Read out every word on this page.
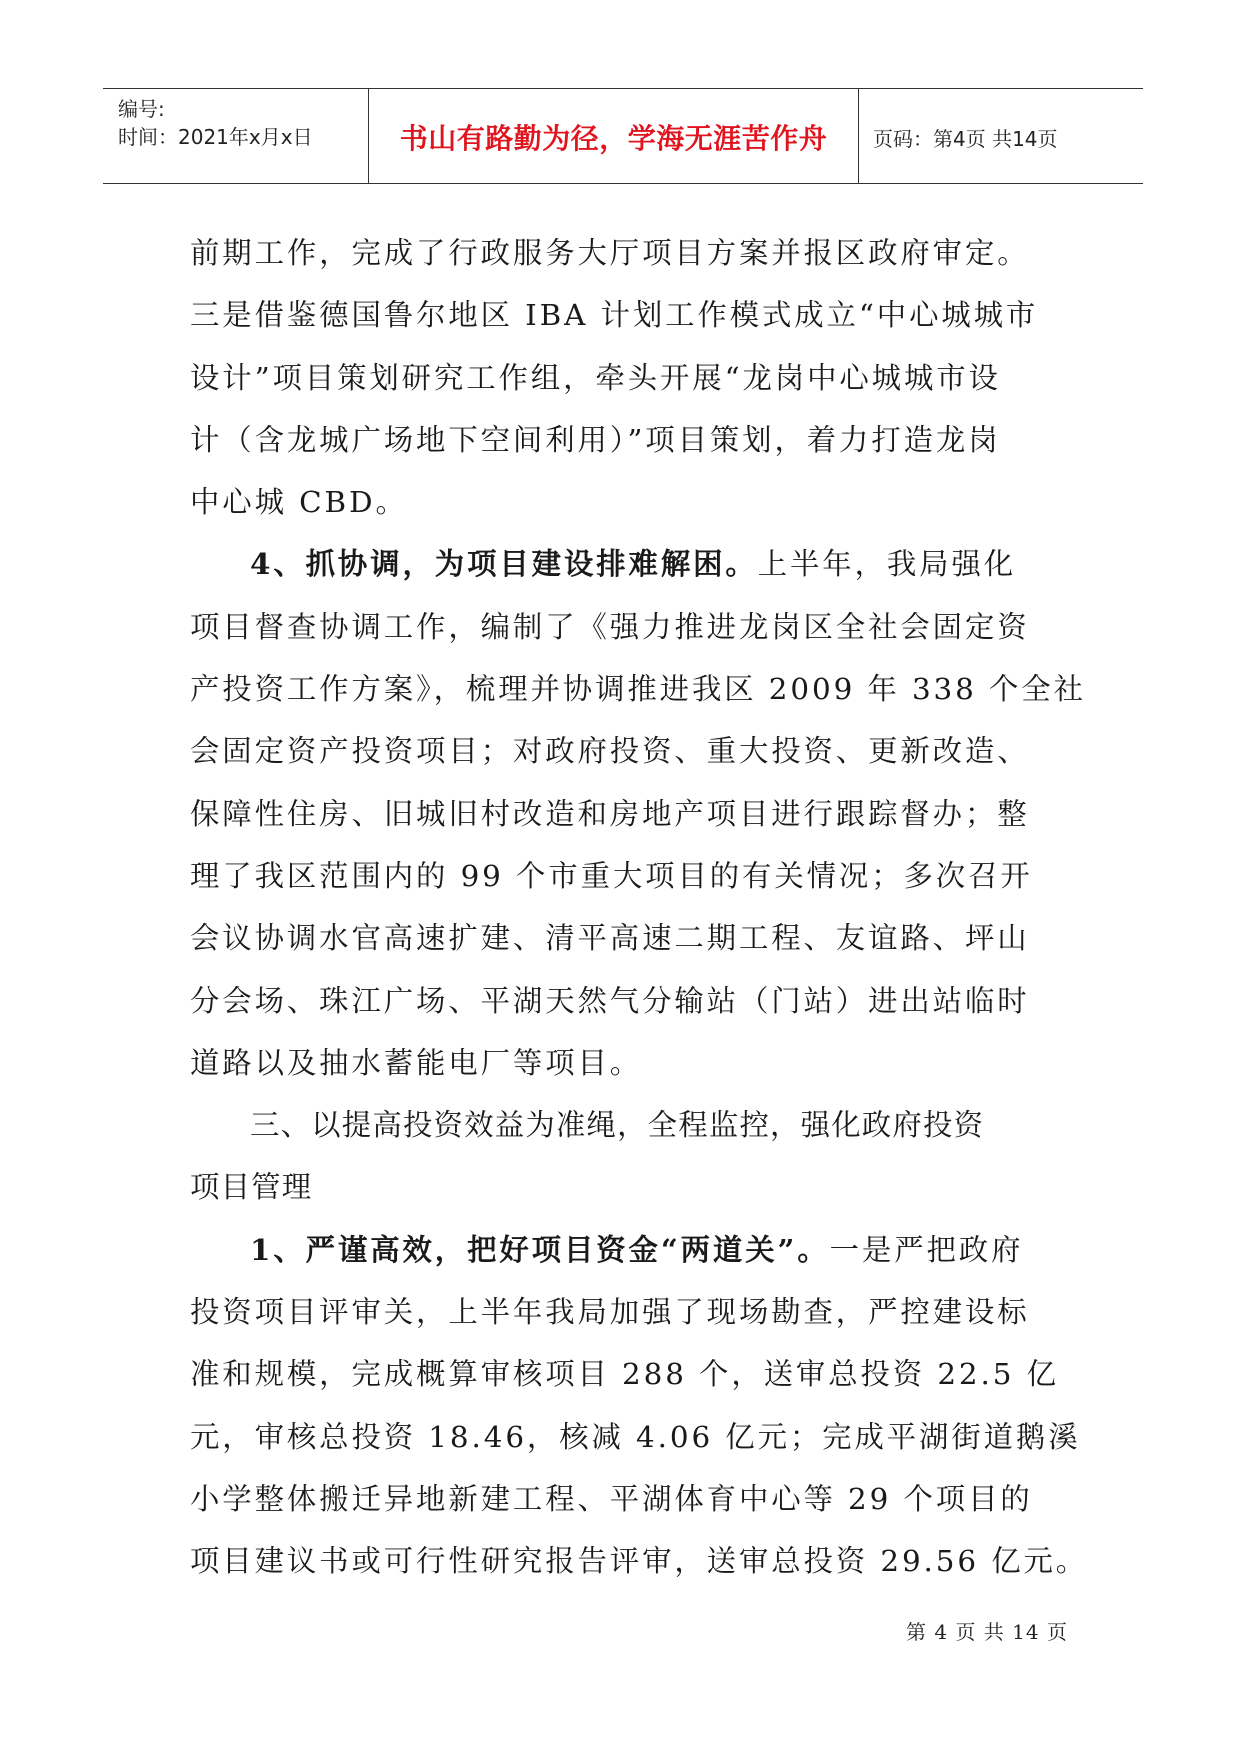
编号:
时间：2021年x月x日	书山有路勤为径，学海无涯苦作舟	页码：第4页 共14页

前期工作，完成了行政服务大厅项目方案并报区政府审定。

三是借鉴德国鲁尔地区 IBA 计划工作模式成立“中心城城市

设计”项目策划研究工作组，牵头开展“龙岗中心城城市设

计（含龙城广场地下空间利用）”项目策划，着力打造龙岗

中心城 CBD。

4、抓协调，为项目建设排难解困。上半年，我局强化

项目督查协调工作，编制了《强力推进龙岗区全社会固定资

产投资工作方案》，梳理并协调推进我区 2009 年 338 个全社

会固定资产投资项目；对政府投资、重大投资、更新改造、

保障性住房、旧城旧村改造和房地产项目进行跟踪督办；整

理了我区范围内的 99 个市重大项目的有关情况；多次召开

会议协调水官高速扩建、清平高速二期工程、友谊路、坪山

分会场、珠江广场、平湖天然气分输站（门站）进出站临时

道路以及抽水蓄能电厂等项目。

三、以提高投资效益为准绳，全程监控，强化政府投资

项目管理

1、严谨高效，把好项目资金“两道关”。一是严把政府

投资项目评审关，上半年我局加强了现场勘查，严控建设标

准和规模，完成概算审核项目 288 个，送审总投资 22.5 亿

元，审核总投资 18.46，核减 4.06 亿元；完成平湖街道鹅溪

小学整体搬迁异地新建工程、平湖体育中心等 29 个项目的

项目建议书或可行性研究报告评审，送审总投资 29.56 亿元。

第 4 页 共 14 页
